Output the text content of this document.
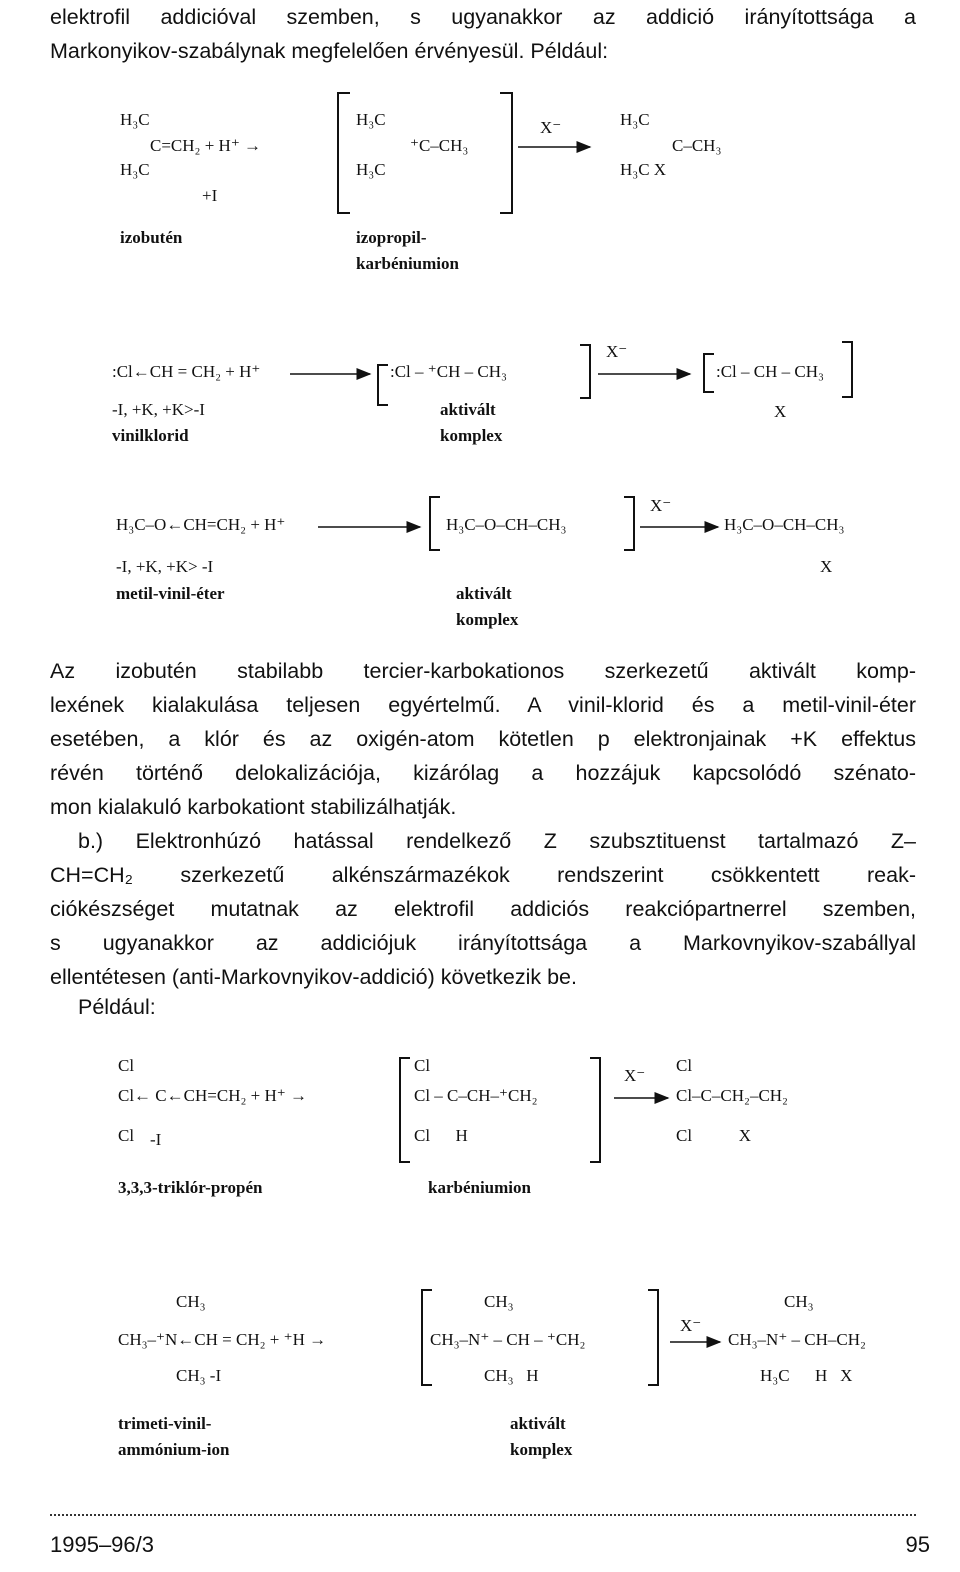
elektrofil addicióval szemben, s ugyanakkor az addició irányítottsága a
Markonyikov-szabálynak megfelelően érvényesül. Például:
H₃C
C=CH₂ + H⁺ →
H₃C
+I
H₃C
⁺C–CH₃
H₃C
X⁻	H₃C
C–CH₃
H₃C X
izobutén	izopropil-
karbéniumion
:Cl←CH = CH₂ + H⁺	:Cl – ⁺CH – CH₃
X⁻
:Cl – CH – CH₃
X
-I, +K, +K>-I
vinilklorid
aktivált
komplex
H₃C–O←CH=CH₂ + H⁺	H₃C–O–CH–CH₃
X⁻
H₃C–O–CH–CH₃
X
-I, +K, +K> -I
metil-vinil-éter	aktivált
komplex
Az izobutén stabilabb tercier-karbokationos szerkezetű aktivált komp-
lexének kialakulása teljesen egyértelmű. A vinil-klorid és a metil-vinil-éter
esetében, a klór és az oxigén-atom kötetlen p elektronjainak +K effektus
révén történő delokalizációja, kizárólag a hozzájuk kapcsolódó szénato-
mon kialakuló karbokationt stabilizálhatják.
b.) Elektronhúzó hatással rendelkező Z szubsztituenst tartalmazó Z–
CH=CH₂ szerkezetű alkénszármazékok rendszerint csökkentett reak-
ciókészséget mutatnak az elektrofil addiciós reakciópartnerrel szemben,
s ugyanakkor az addiciójuk irányítottsága a Markovnyikov-szabállyal
ellentétesen (anti-Markovnyikov-addició) következik be.
Például:
Cl
Cl← C←CH=CH₂ + H⁺ →
Cl -I
Cl
Cl – C–CH–⁺CH₂
Cl      H
X⁻
Cl
Cl–C–CH₂–CH₂
Cl           X
3,3,3-triklór-propén	karbéniumion
CH₃
CH₃–⁺N←CH = CH₂ + ⁺H →
CH₃ -I
CH₃
CH₃–N⁺ – CH – ⁺CH₂
CH₃   H
X⁻
CH₃
CH₃–N⁺ – CH–CH₂
H₃C      H   X
trimeti-vinil-
ammónium-ion
aktivált
komplex
1995–96/3	95
